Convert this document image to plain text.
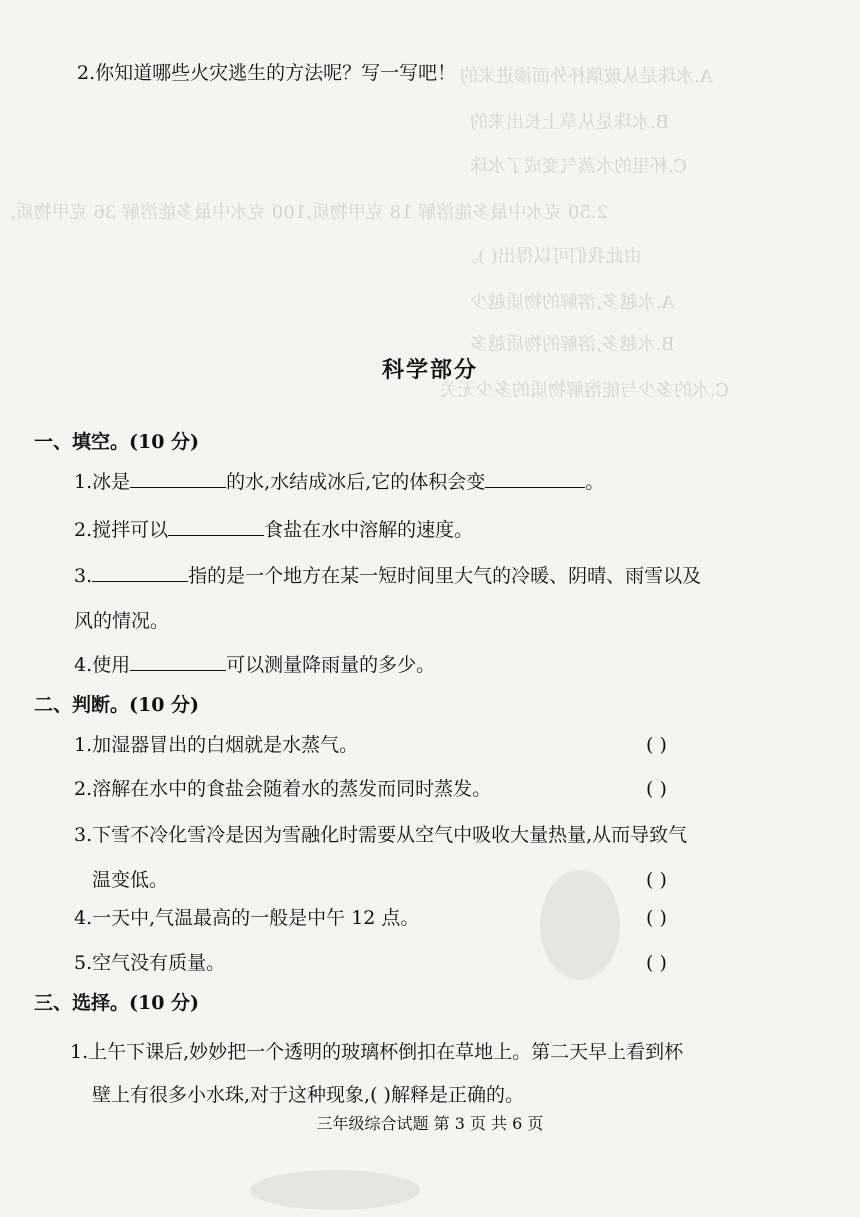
A.水珠是从玻璃杯外面渗进来的
B.水珠是从草上长出来的
C.杯里的水蒸气变成了水珠
2.50 克水中最多能溶解 18 克甲物质,100 克水中最多能溶解 36 克甲物质,
由此我们可以得出( )。
A.水越多,溶解的物质越少
B.水越多,溶解的物质越多
C.水的多少与能溶解物质的多少无关
2.你知道哪些火灾逃生的方法呢？写一写吧！
科学部分
一、填空。(10 分)
1.冰是	的水,水结成冰后,它的体积会变	。
2.搅拌可以	食盐在水中溶解的速度。
3.	指的是一个地方在某一短时间里大气的冷暖、阴晴、雨雪以及
风的情况。
4.使用	可以测量降雨量的多少。
二、判断。(10 分)
1.加湿器冒出的白烟就是水蒸气。	( )
2.溶解在水中的食盐会随着水的蒸发而同时蒸发。	( )
3.下雪不冷化雪冷是因为雪融化时需要从空气中吸收大量热量,从而导致气
温变低。	( )
4.一天中,气温最高的一般是中午 12 点。	( )
5.空气没有质量。	( )
三、选择。(10 分)
1.上午下课后,妙妙把一个透明的玻璃杯倒扣在草地上。第二天早上看到杯
壁上有很多小水珠,对于这种现象,( )解释是正确的。
三年级综合试题 第 3 页 共 6 页
